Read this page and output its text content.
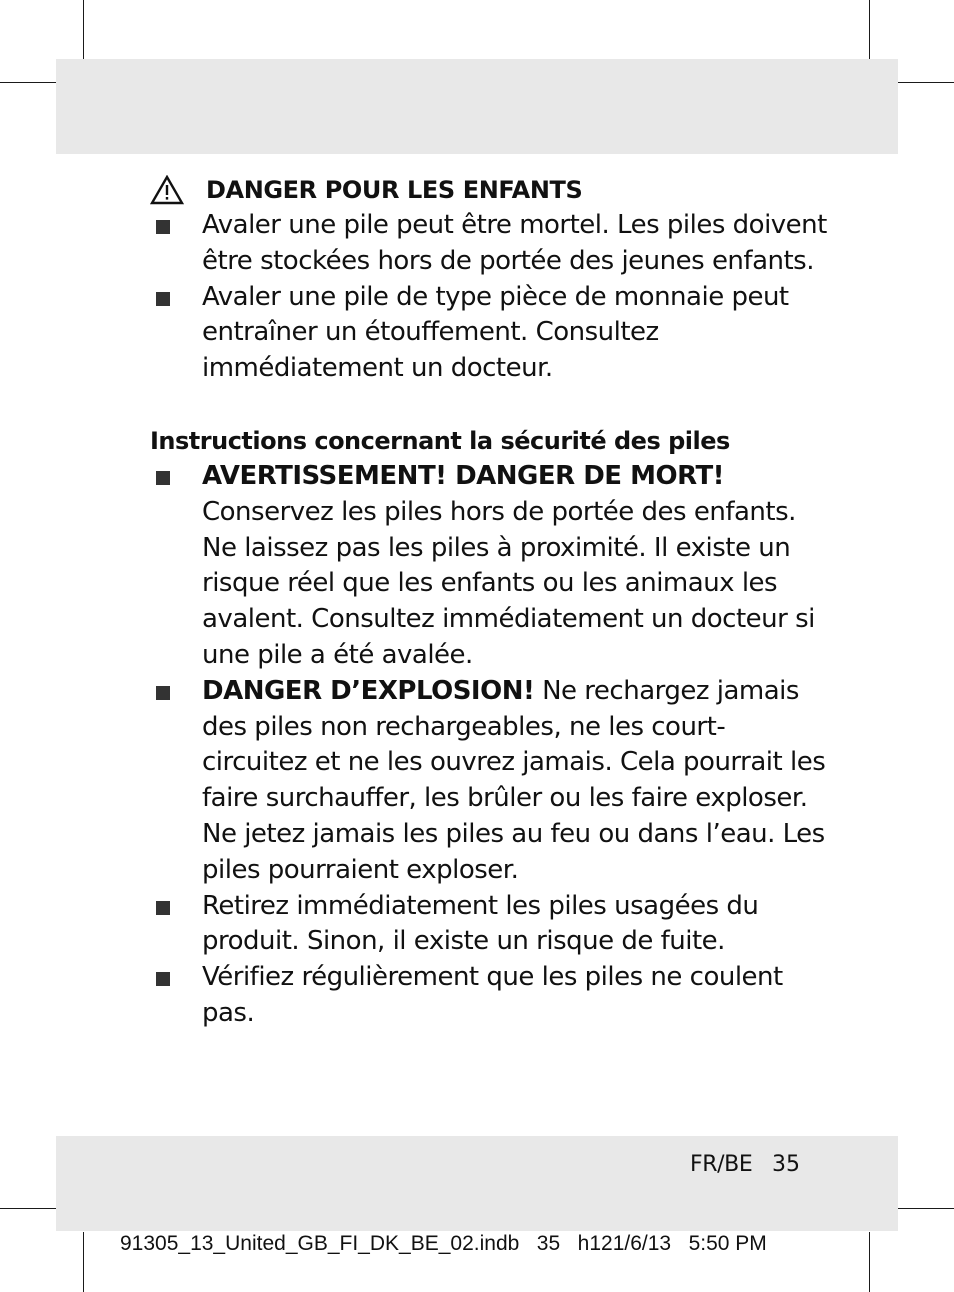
DANGER POUR LES ENFANTS
Avaler une pile peut être mortel. Les piles doivent être stockées hors de portée des jeunes enfants.
Avaler une pile de type pièce de monnaie peut entraîner un étouffement. Consultez immédiatement un docteur.
Instructions concernant la sécurité des piles
AVERTISSEMENT! DANGER DE MORT!
Conservez les piles hors de portée des enfants. Ne laissez pas les piles à proximité. Il existe un risque réel que les enfants ou les animaux les avalent. Consultez immédiatement un docteur si une pile a été avalée.
DANGER D’EXPLOSION! Ne rechargez jamais des piles non rechargeables, ne les court-circuitez et ne les ouvrez jamais. Cela pourrait les faire surchauffer, les brûler ou les faire exploser. Ne jetez jamais les piles au feu ou dans l’eau. Les piles pourraient exploser.
Retirez immédiatement les piles usagées du produit. Sinon, il existe un risque de fuite.
Vérifiez régulièrement que les piles ne coulent pas.
FR/BE 35
91305_13_United_GB_FI_DK_BE_02.indb   35   h121/6/13   5:50 PM
